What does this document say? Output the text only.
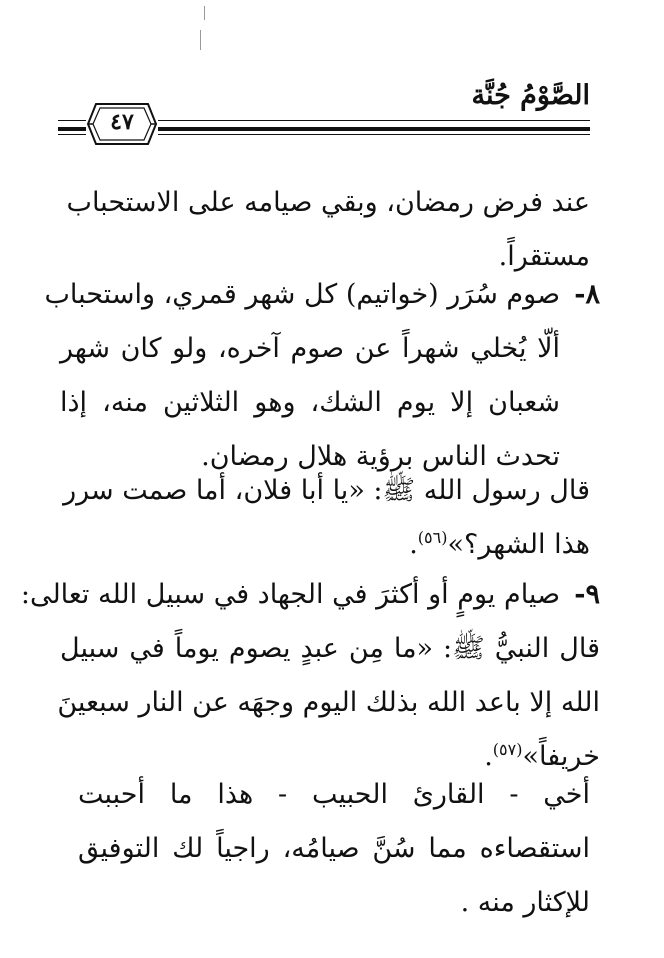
الصَّوْمُ جُنَّة
٤٧
عند فرض رمضان، وبقي صيامه على الاستحباب
مستقراً.
٨-
صوم سُرَر (خواتيم) كل شهر قمري، واستحباب
ألّا يُخلي شهراً عن صوم آخره، ولو كان شهر
شعبان إلا يوم الشك، وهو الثلاثين منه، إذا
تحدث الناس برؤية هلال رمضان.
قال رسول الله ﷺ: «يا أبا فلان، أما صمت سرر
هذا الشهر؟»$^{(٥٦)}$.
٩-
صيام يومٍ أو أكثرَ في الجهاد في سبيل الله تعالى:
قال النبيُّ ﷺ: «ما مِن عبدٍ يصوم يوماً في سبيل
الله إلا باعد الله بذلك اليوم وجهَه عن النار سبعينَ
خريفاً»$^{(٥٧)}$.
أخي - القارئ الحبيب - هذا ما أحببت
استقصاءه مما سُنَّ صيامُه، راجياً لك التوفيق
للإكثار منه .
